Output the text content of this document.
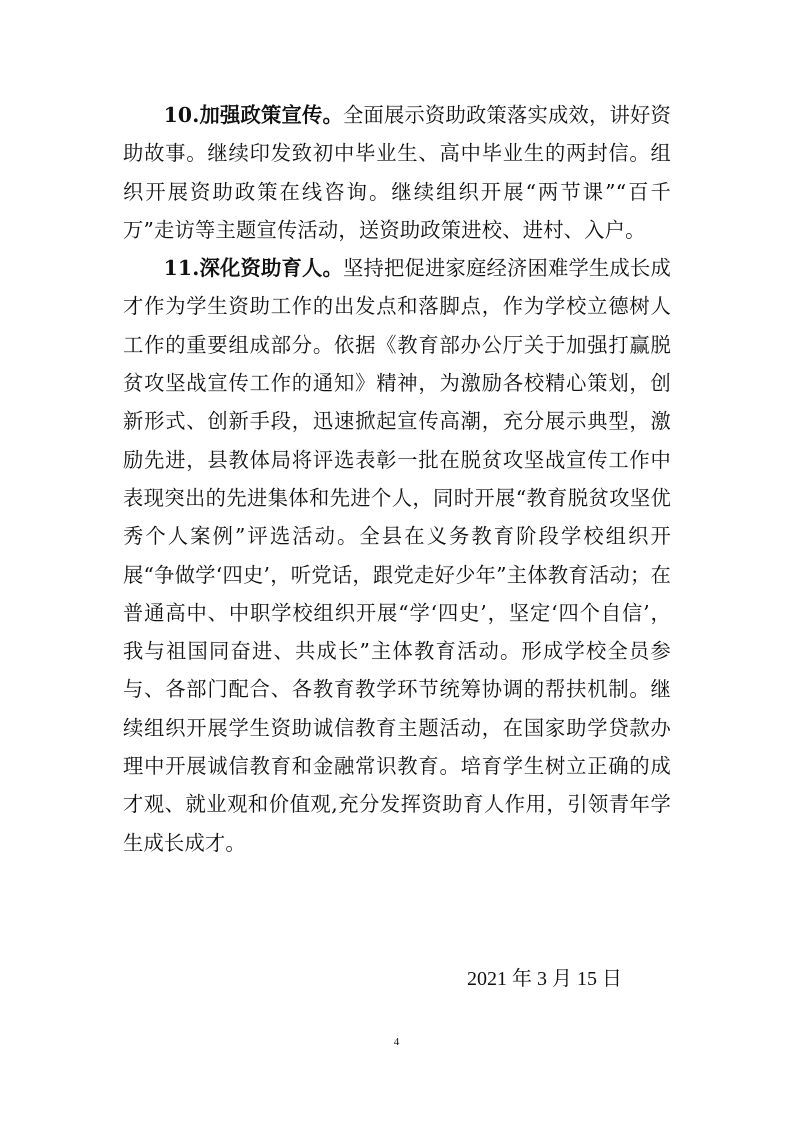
10.加强政策宣传。全面展示资助政策落实成效，讲好资助故事。继续印发致初中毕业生、高中毕业生的两封信。组织开展资助政策在线咨询。继续组织开展“两节课”“百千万”走访等主题宣传活动，送资助政策进校、进村、入户。

11.深化资助育人。坚持把促进家庭经济困难学生成长成才作为学生资助工作的出发点和落脚点，作为学校立德树人工作的重要组成部分。依据《教育部办公厅关于加强打赢脱贫攻坚战宣传工作的通知》精神，为激励各校精心策划，创新形式、创新手段，迅速掀起宣传高潮，充分展示典型，激励先进，县教体局将评选表彰一批在脱贫攻坚战宣传工作中表现突出的先进集体和先进个人，同时开展“教育脱贫攻坚优秀个人案例”评选活动。全县在义务教育阶段学校组织开展“争做学‘四史’，听党话，跟党走好少年”主体教育活动；在普通高中、中职学校组织开展“学‘四史’，坚定‘四个自信’，我与祖国同奋进、共成长”主体教育活动。形成学校全员参与、各部门配合、各教育教学环节统筹协调的帮扶机制。继续组织开展学生资助诚信教育主题活动，在国家助学贷款办理中开展诚信教育和金融常识教育。培育学生树立正确的成才观、就业观和价值观,充分发挥资助育人作用，引领青年学生成长成才。

2021 年 3 月 15 日
4
